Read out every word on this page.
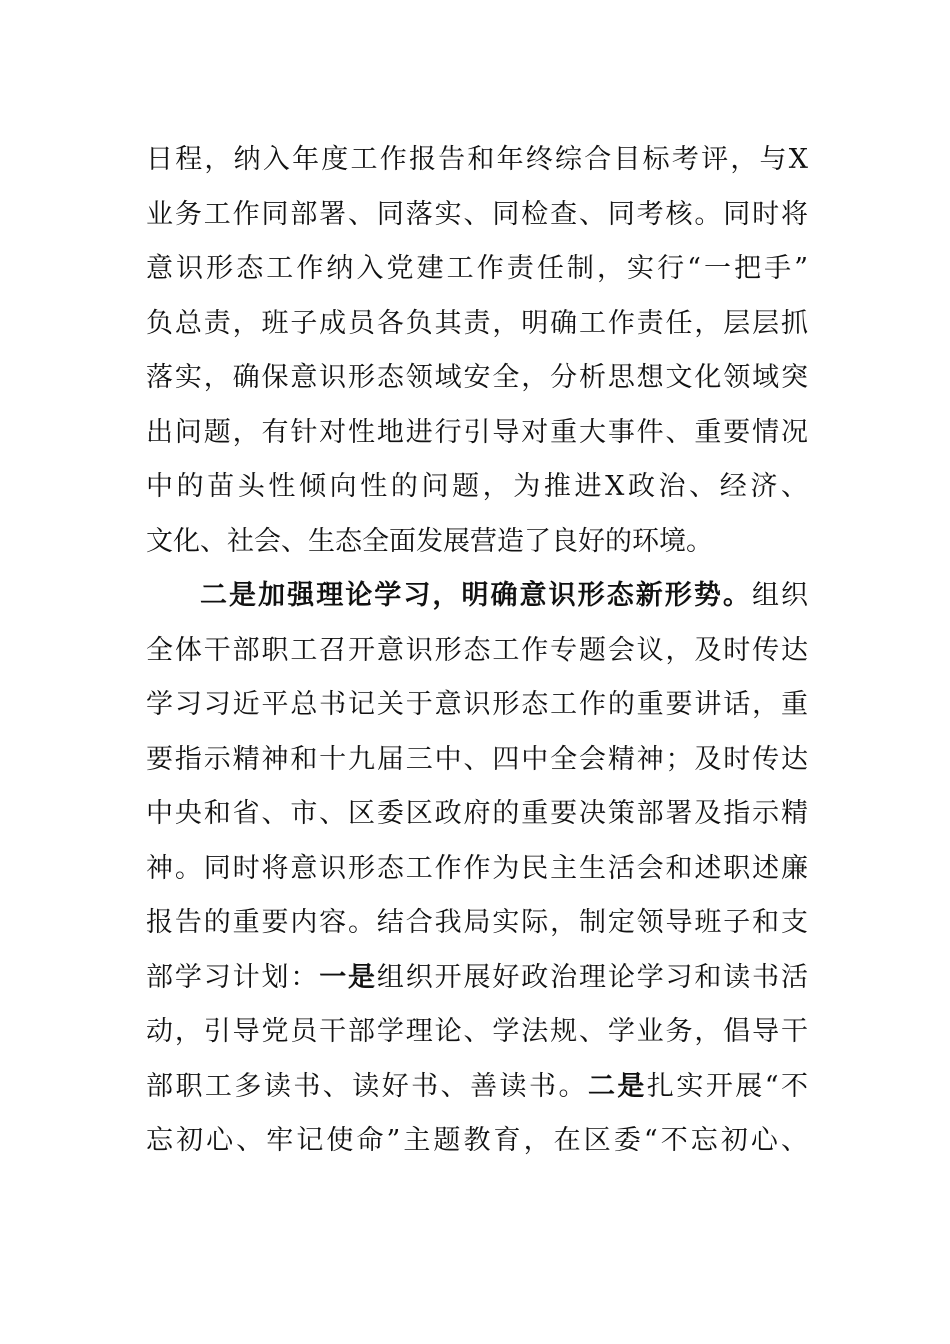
日程，纳入年度工作报告和年终综合目标考评，与X
业务工作同部署、同落实、同检查、同考核。同时将
意识形态工作纳入党建工作责任制，实行“一把手”
负总责，班子成员各负其责，明确工作责任，层层抓
落实，确保意识形态领域安全，分析思想文化领域突
出问题，有针对性地进行引导对重大事件、重要情况
中的苗头性倾向性的问题，为推进X政治、经济、
文化、社会、生态全面发展营造了良好的环境。
二是加强理论学习，明确意识形态新形势。组织
全体干部职工召开意识形态工作专题会议，及时传达
学习习近平总书记关于意识形态工作的重要讲话，重
要指示精神和十九届三中、四中全会精神；及时传达
中央和省、市、区委区政府的重要决策部署及指示精
神。同时将意识形态工作作为民主生活会和述职述廉
报告的重要内容。结合我局实际，制定领导班子和支
部学习计划：一是组织开展好政治理论学习和读书活
动，引导党员干部学理论、学法规、学业务，倡导干
部职工多读书、读好书、善读书。二是扎实开展“不
忘初心、牢记使命”主题教育，在区委“不忘初心、
